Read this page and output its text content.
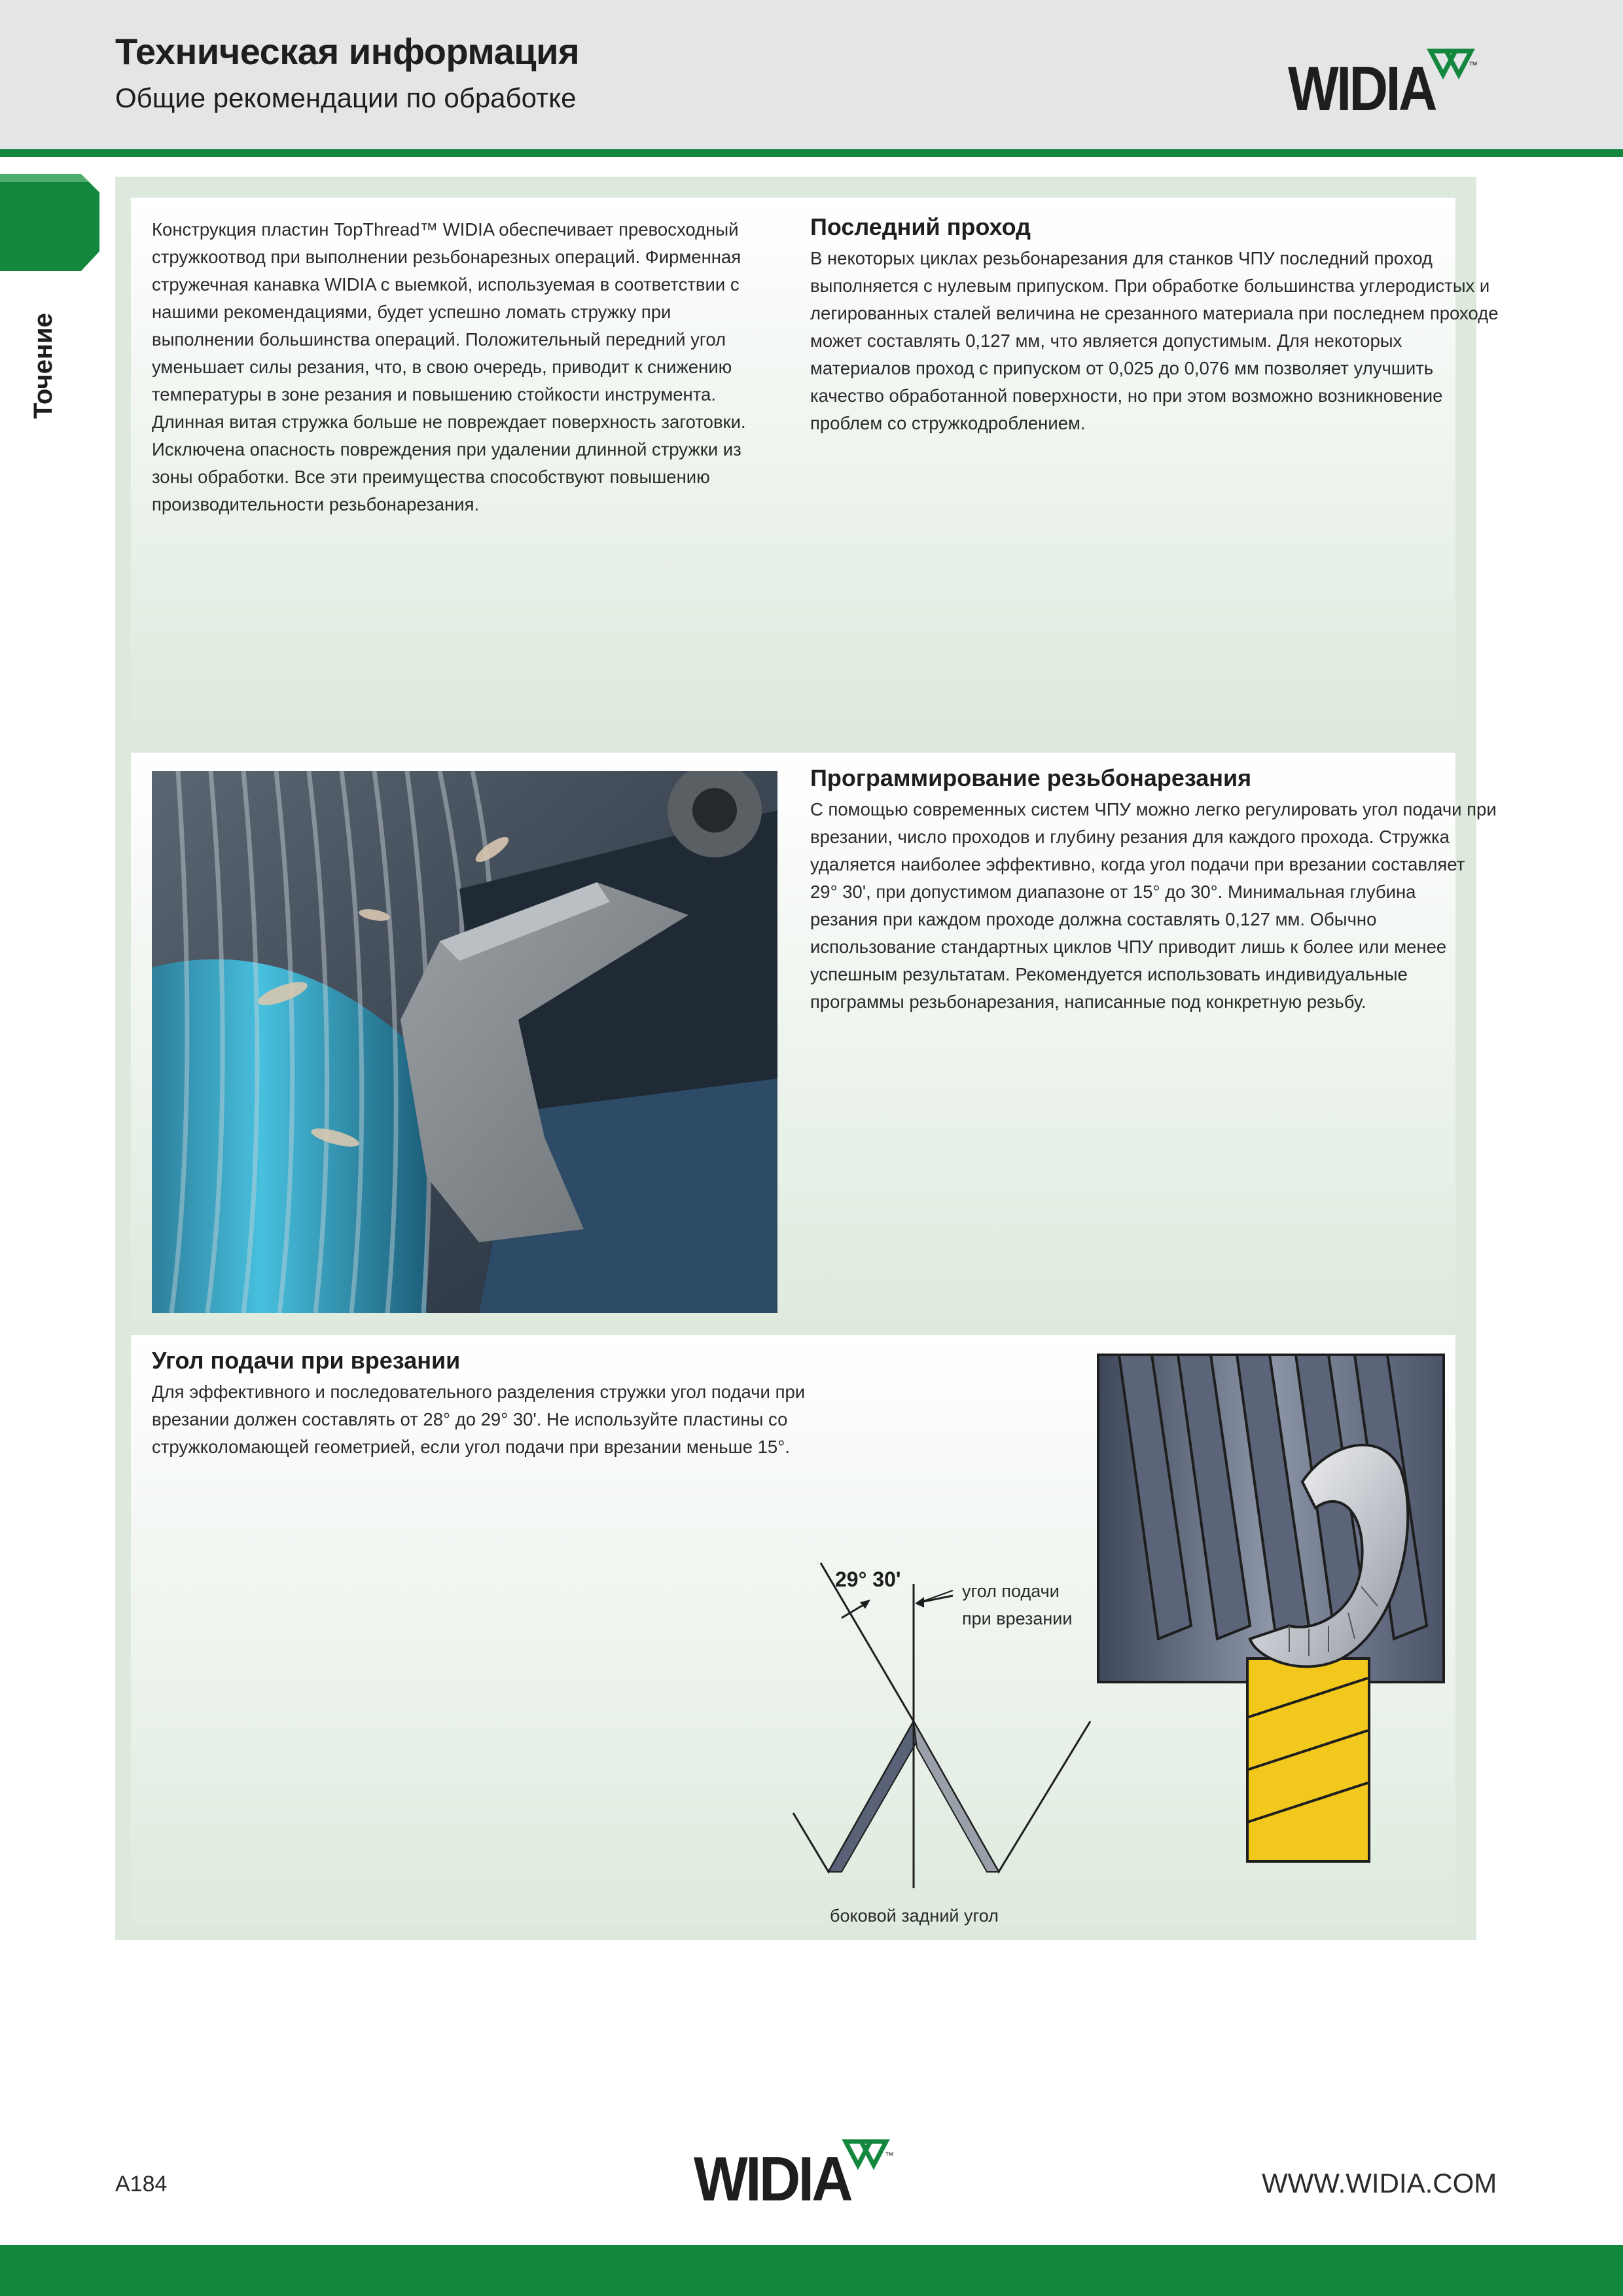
Техническая информация
Общие рекомендации по обработке	WIDIA	™
Точение
Конструкция пластин TopThread™ WIDIA обеспечивает превосходный
стружкоотвод при выполнении резьбонарезных операций. Фирменная
стружечная канавка WIDIA с выемкой, используемая в соответствии с
нашими рекомендациями, будет успешно ломать стружку при
выполнении большинства операций. Положительный передний угол
уменьшает силы резания, что, в свою очередь, приводит к снижению
температуры в зоне резания и повышению стойкости инструмента.
Длинная витая стружка больше не повреждает поверхность заготовки.
Исключена опасность повреждения при удалении длинной стружки из
зоны обработки. Все эти преимущества способствуют повышению
производительности резьбонарезания.
Последний проход
В некоторых циклах резьбонарезания для станков ЧПУ последний проход
выполняется с нулевым припуском. При обработке большинства углеродистых и
легированных сталей величина не срезанного материала при последнем проходе
может составлять 0,127 мм, что является допустимым. Для некоторых
материалов проход с припуском от 0,025 до 0,076 мм позволяет улучшить
качество обработанной поверхности, но при этом возможно возникновение
проблем со стружкодроблением.
Программирование резьбонарезания
С помощью современных систем ЧПУ можно легко регулировать угол подачи при
врезании, число проходов и глубину резания для каждого прохода. Стружка
удаляется наиболее эффективно, когда угол подачи при врезании составляет
29° 30', при допустимом диапазоне от 15° до 30°. Минимальная глубина
резания при каждом проходе должна составлять 0,127 мм. Обычно
использование стандартных циклов ЧПУ приводит лишь к более или менее
успешным результатам. Рекомендуется использовать индивидуальные
программы резьбонарезания, написанные под конкретную резьбу.
Угол подачи при врезании
Для эффективного и последовательного разделения стружки угол подачи при
врезании должен составлять от 28° до 29° 30'. Не используйте пластины со
стружколомающей геометрией, если угол подачи при врезании меньше 15°.
29° 30'	угол подачи
при врезании
боковой задний угол
A184	WIDIA	™
WWW.WIDIA.COM
